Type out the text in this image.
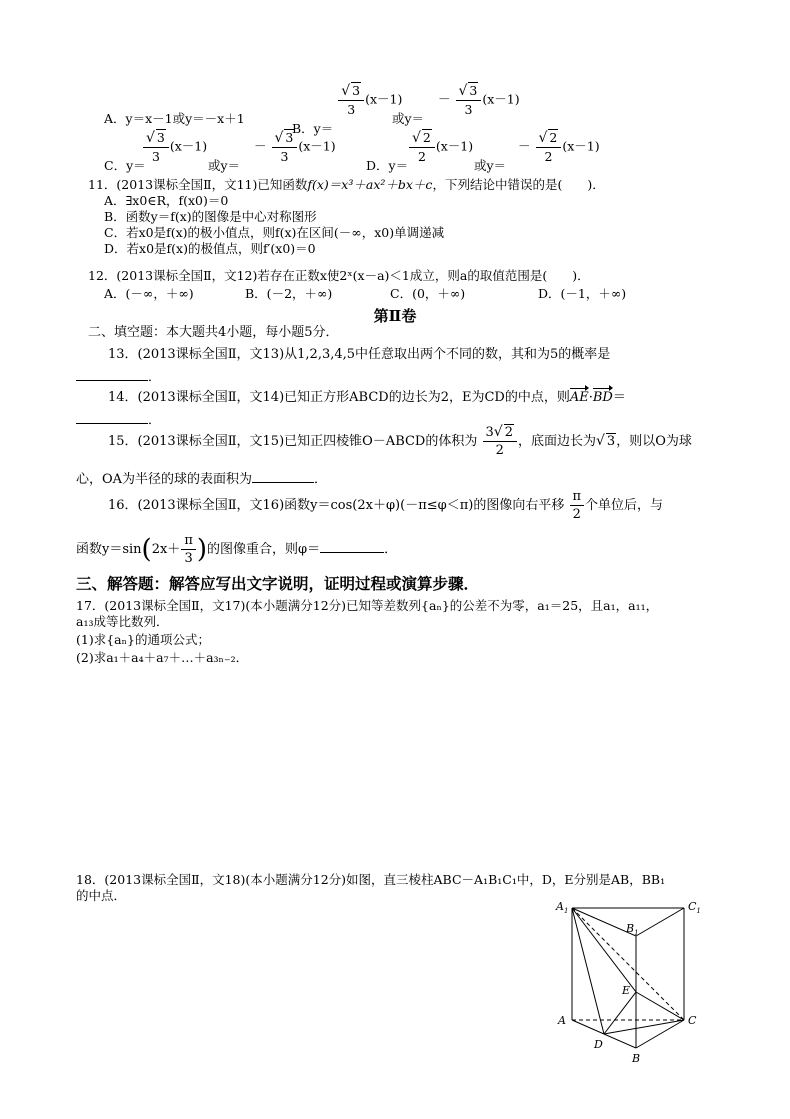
A．y＝x－1或y＝－x＋1
B．y＝
$\frac{√ 3}{3} (x-1)$
或y＝
－ $\frac{√ 3}{3} (x-1)$
C．y＝
$\frac{√ 3}{3} (x-1)$
或y＝
－ $\frac{√ 3}{3} (x-1)$
D．y＝
$\frac{√ 2}{2} (x-1)$
或y＝
－ $\frac{√ 2}{2} (x-1)$
11．(2013课标全国Ⅱ，文11)已知函数f(x)＝x³＋ax²＋bx＋c，下列结论中错误的是(　　)．
A．∃x0∈R，f(x0)＝0
B．函数y＝f(x)的图像是中心对称图形
C．若x0是f(x)的极小值点，则f(x)在区间(－∞，x0)单调递减
D．若x0是f(x)的极值点，则f′(x0)＝0
12．(2013课标全国Ⅱ，文12)若存在正数x使2ˣ(x－a)＜1成立，则a的取值范围是(　　)．
A．(－∞，＋∞)	B．(－2，＋∞)	C．(0，＋∞)	D．(－1，＋∞)
第Ⅱ卷
二、填空题：本大题共4小题，每小题5分．
13．(2013课标全国Ⅱ，文13)从1,2,3,4,5中任意取出两个不同的数，其和为5的概率是
．
14．(2013课标全国Ⅱ，文14)已知正方形ABCD的边长为2，E为CD的中点，则AE·BD＝
．
15．(2013课标全国Ⅱ，文15)已知正四棱锥O－ABCD的体积为 $\frac{3√ 2}{2}$ ，底面边长为√ 3，则以O为球
心，OA为半径的球的表面积为	．
16．(2013课标全国Ⅱ，文16)函数y＝cos(2x＋φ)(－π≤φ＜π)的图像向右平移 $\frac{\pi}{2}$ 个单位后，与
函数$y=\sin(2x+ \frac{\pi}{3}$ )的图像重合，则φ＝	．
三、解答题：解答应写出文字说明，证明过程或演算步骤．
17．(2013课标全国Ⅱ，文17)(本小题满分12分)已知等差数列{aₙ}的公差不为零，a₁＝25，且a₁，a₁₁，
a₁₃成等比数列．
(1)求{aₙ}的通项公式；
(2)求a₁＋a₄＋a₇＋…＋a₃ₙ₋₂．
18．(2013课标全国Ⅱ，文18)(本小题满分12分)如图，直三棱柱ABC－A₁B₁C₁中，D，E分别是AB，BB₁
的中点．
$A_1$	$C_1$
$B_1$
E
A	C
D
B
